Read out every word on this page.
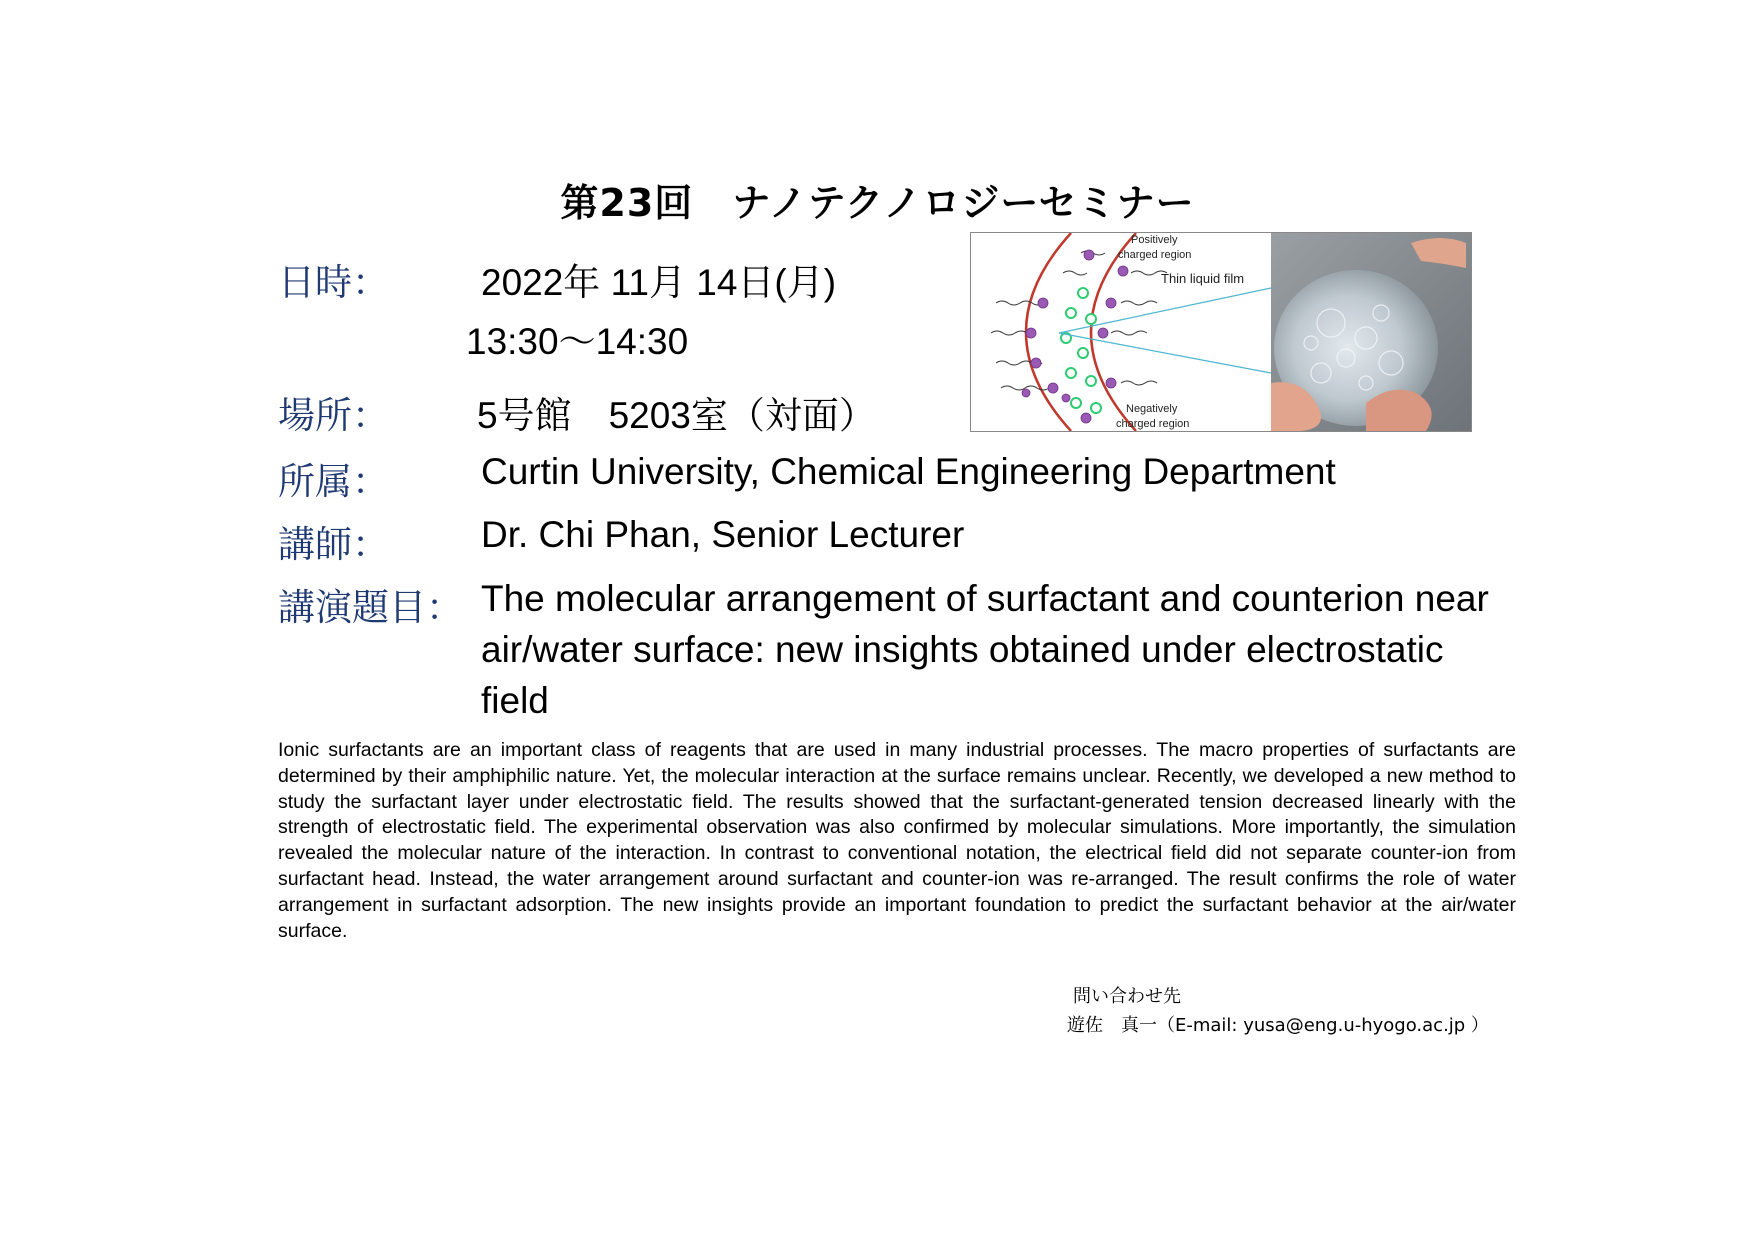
第23回　ナノテクノロジーセミナー
日時： 2022年 11月 14日(月)
13:30～14:30
場所： 5号館　5203室（対面）
所属： Curtin University, Chemical Engineering Department
講師： Dr. Chi Phan, Senior Lecturer
講演題目： The molecular arrangement of surfactant and counterion near air/water surface: new insights obtained under electrostatic field
Ionic surfactants are an important class of reagents that are used in many industrial processes. The macro properties of surfactants are determined by their amphiphilic nature. Yet, the molecular interaction at the surface remains unclear. Recently, we developed a new method to study the surfactant layer under electrostatic field. The results showed that the surfactant-generated tension decreased linearly with the strength of electrostatic field. The experimental observation was also confirmed by molecular simulations. More importantly, the simulation revealed the molecular nature of the interaction. In contrast to conventional notation, the electrical field did not separate counter-ion from surfactant head. Instead, the water arrangement around surfactant and counter-ion was re-arranged. The result confirms the role of water arrangement in surfactant adsorption. The new insights provide an important foundation to predict the surfactant behavior at the air/water surface.
問い合わせ先
遊佐　真一（E-mail: yusa@eng.u-hyogo.ac.jp ）
Positively
charged region
Thin liquid film
Negatively
charged region
